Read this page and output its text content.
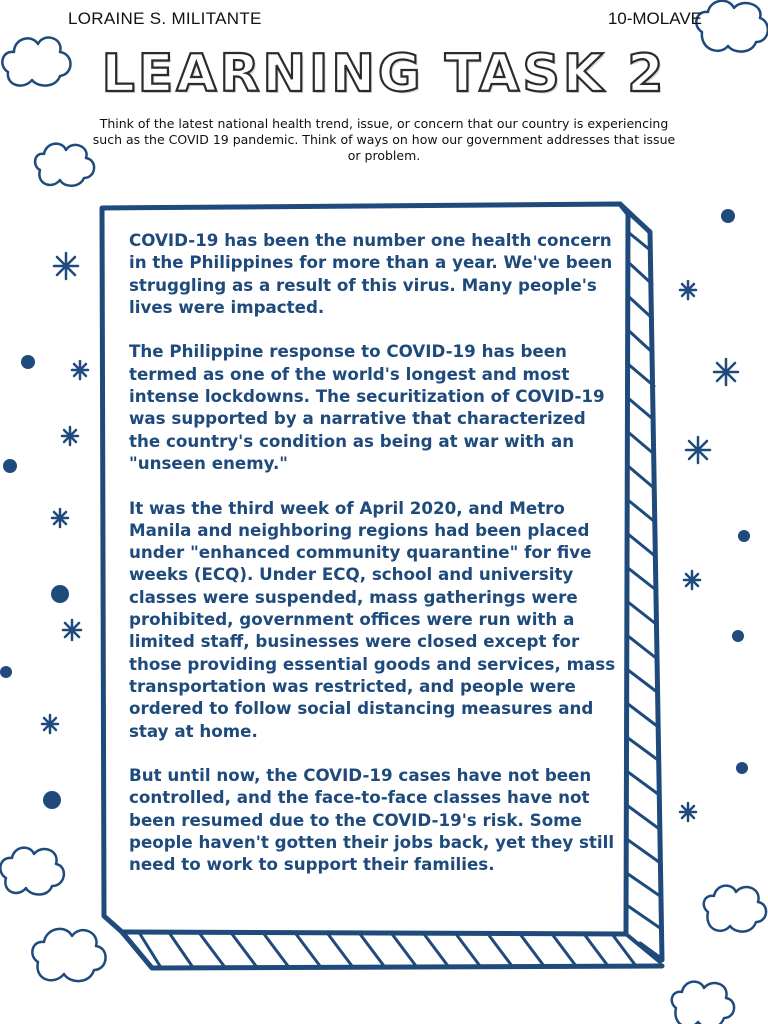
LORAINE S. MILITANTE	10-MOLAVE
LEARNING TASK 2
Think of the latest national health trend, issue, or concern that our country is experiencing such as the COVID 19 pandemic. Think of ways on how our government addresses that issue or problem.

COVID-19 has been the number one health concern in the Philippines for more than a year. We've been struggling as a result of this virus. Many people's lives were impacted.

The Philippine response to COVID-19 has been termed as one of the world's longest and most intense lockdowns. The securitization of COVID-19 was supported by a narrative that characterized the country's condition as being at war with an "unseen enemy."

It was the third week of April 2020, and Metro Manila and neighboring regions had been placed under "enhanced community quarantine" for five weeks (ECQ). Under ECQ, school and university classes were suspended, mass gatherings were prohibited, government offices were run with a limited staff, businesses were closed except for those providing essential goods and services, mass transportation was restricted, and people were ordered to follow social distancing measures and stay at home.

But until now, the COVID-19 cases have not been controlled, and the face-to-face classes have not been resumed due to the COVID-19's risk. Some people haven't gotten their jobs back, yet they still need to work to support their families.
